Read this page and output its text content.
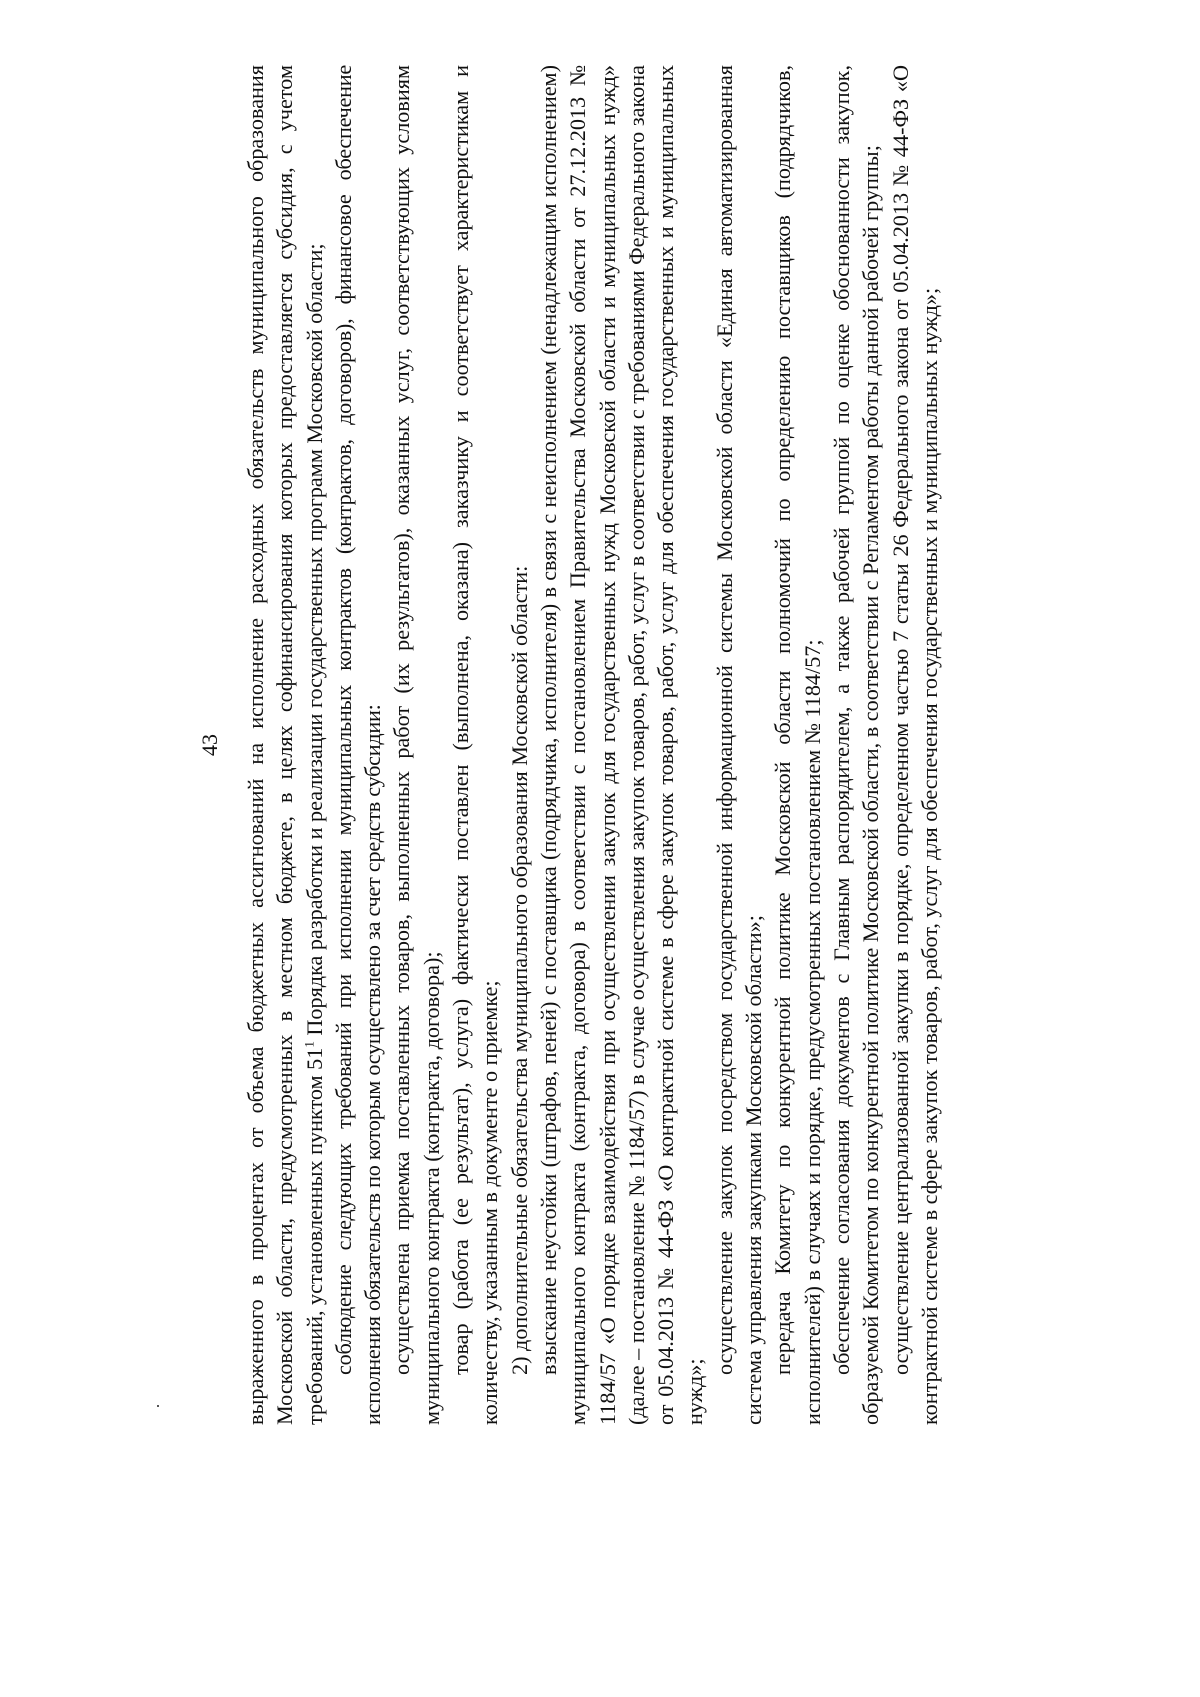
43 выраженного в процентах от объема бюджетных ассигнований на исполнение расходных обязательств муниципального образования Московской области, предусмотренных в местном бюджете, в целях софинансирования которых предоставляется субсидия, с учетом требований, установленных пунктом $51^1$ Порядка разработки и реализации государственных программ Московской области; соблюдение следующих требований при исполнении муниципальных контрактов (контрактов, договоров), финансовое обеспечение исполнения обязательств по которым осуществлено за счет средств субсидии: осуществлена приемка поставленных товаров, выполненных работ (их результатов), оказанных услуг, соответствующих условиям муниципального контракта (контракта, договора); товар (работа (ее результат), услуга) фактически поставлен (выполнена, оказана) заказчику и соответствует характеристикам и количеству, указанным в документе о приемке; 2) дополнительные обязательства муниципального образования Московской области: взыскание неустойки (штрафов, пеней) с поставщика (подрядчика, исполнителя) в связи с неисполнением (ненадлежащим исполнением) муниципального контракта (контракта, договора) в соответствии с постановлением Правительства Московской области от 27.12.2013 № 1184/57 «О порядке взаимодействия при осуществлении закупок для государственных нужд Московской области и муниципальных нужд» (далее – постановление № 1184/57) в случае осуществления закупок товаров, работ, услуг в соответствии с требованиями Федерального закона от 05.04.2013 № 44-ФЗ «О контрактной системе в сфере закупок товаров, работ, услуг для обеспечения государственных и муниципальных нужд»;

осуществление закупок посредством государственной информационной системы Московской области «Единая автоматизированная система управления закупками Московской области»; передача Комитету по конкурентной политике Московской области полномочий по определению поставщиков (подрядчиков, исполнителей) в случаях и порядке, предусмотренных постановлением № 1184/57; обеспечение согласования документов с Главным распорядителем, а также рабочей группой по оценке обоснованности закупок, образуемой Комитетом по конкурентной политике Московской области, в соответствии с Регламентом работы данной рабочей группы; осуществление централизованной закупки в порядке, определенном частью 7 статьи 26 Федерального закона от 05.04.2013 № 44-ФЗ «О контрактной системе в сфере закупок товаров, работ, услуг для обеспечения государственных и муниципальных нужд»;
